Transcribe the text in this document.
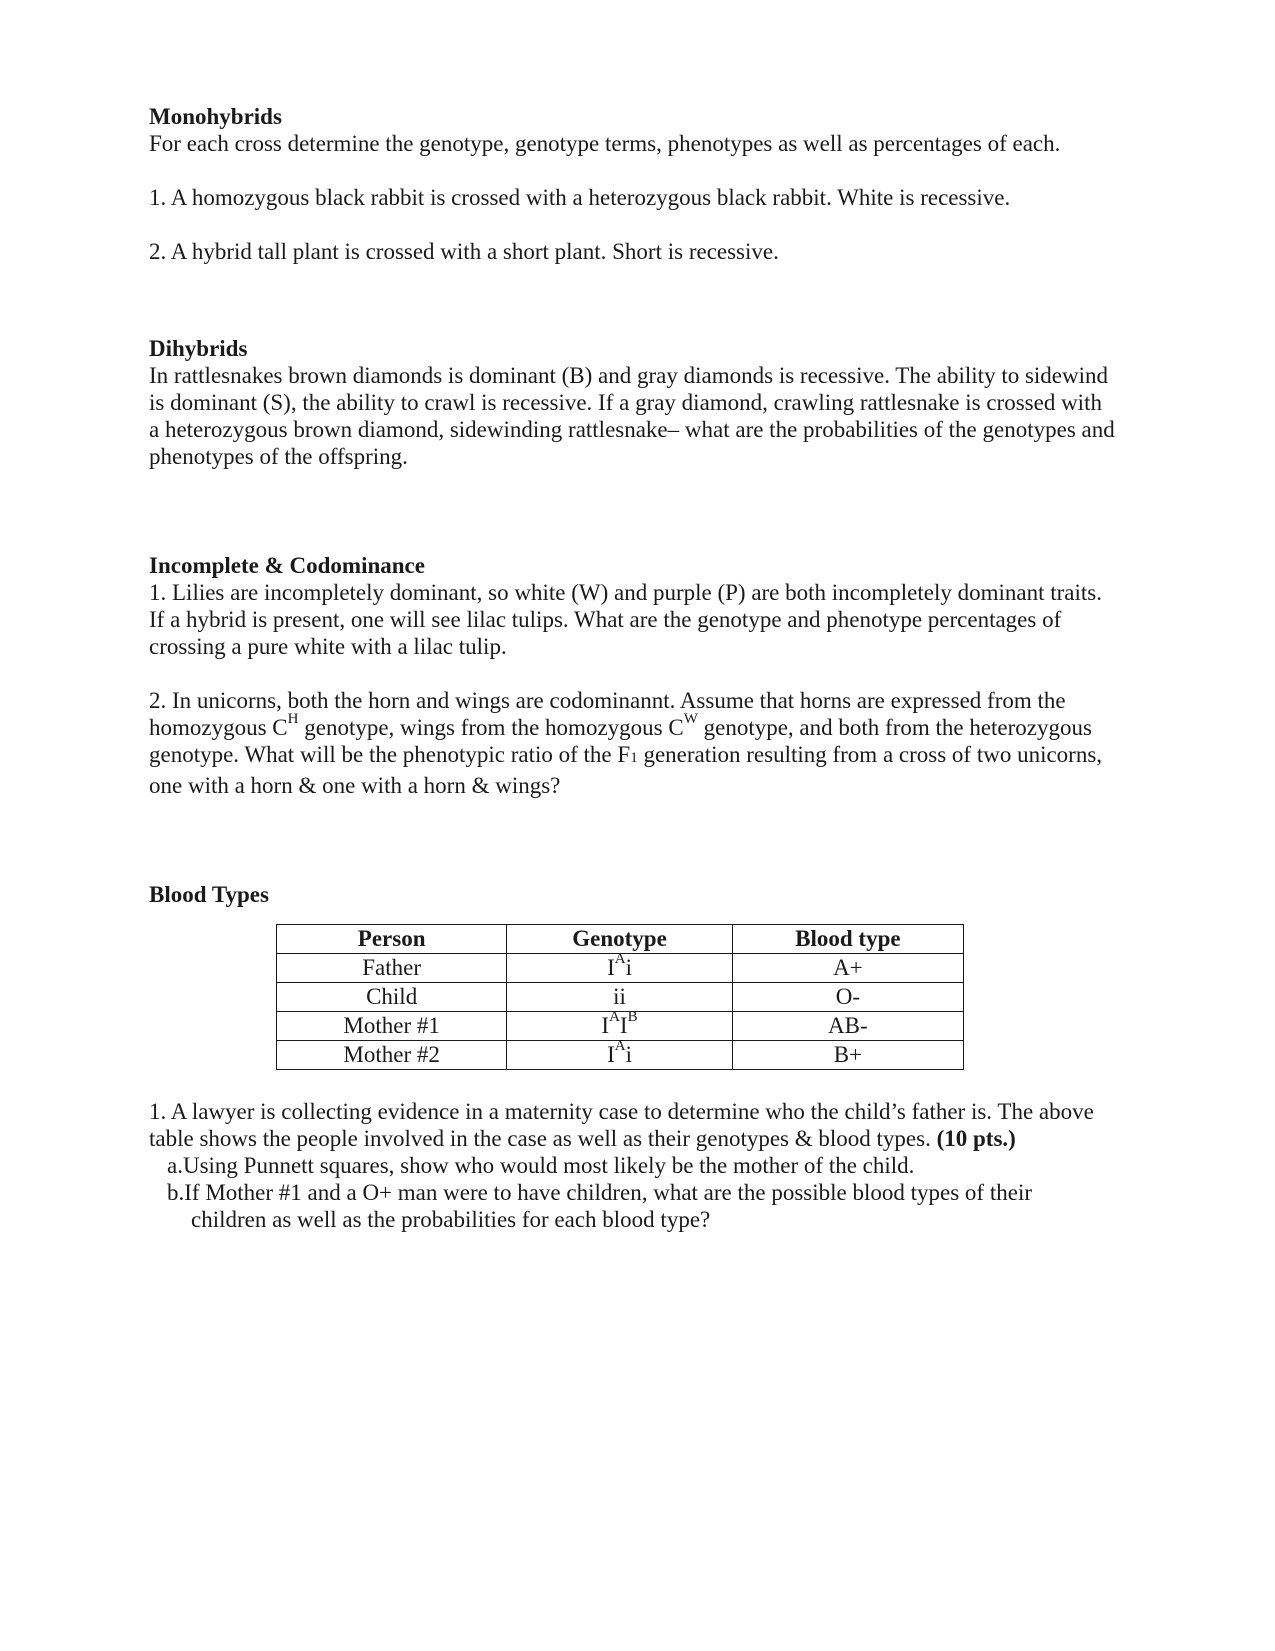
Monohybrids

For each cross determine the genotype, genotype terms, phenotypes as well as percentages of each.

1. A homozygous black rabbit is crossed with a heterozygous black rabbit. White is recessive.

2. A hybrid tall plant is crossed with a short plant. Short is recessive.

Dihybrids

In rattlesnakes brown diamonds is dominant (B) and gray diamonds is recessive. The ability to sidewind

is dominant (S), the ability to crawl is recessive. If a gray diamond, crawling rattlesnake is crossed with

a heterozygous brown diamond, sidewinding rattlesnake– what are the probabilities of the genotypes and

phenotypes of the offspring.

Incomplete & Codominance

1. Lilies are incompletely dominant, so white (W) and purple (P) are both incompletely dominant traits.

If a hybrid is present, one will see lilac tulips. What are the genotype and phenotype percentages of

crossing a pure white with a lilac tulip.

2. In unicorns, both the horn and wings are codominannt. Assume that horns are expressed from the

homozygous $C^H$ genotype, wings from the homozygous $C^W$ genotype, and both from the heterozygous

genotype. What will be the phenotypic ratio of the F1 generation resulting from a cross of two unicorns,

one with a horn & one with a horn & wings?

Blood Types

Person	Genotype	Blood type
Father	$I^Ai$	A+
Child	ii	O-
Mother #1	$I^AI^B$	AB-
Mother #2	$I^Ai$	B+

1. A lawyer is collecting evidence in a maternity case to determine who the child’s father is. The above

table shows the people involved in the case as well as their genotypes & blood types. (10 pts.)

a.Using Punnett squares, show who would most likely be the mother of the child.

b.If Mother #1 and a O+ man were to have children, what are the possible blood types of their

children as well as the probabilities for each blood type?
